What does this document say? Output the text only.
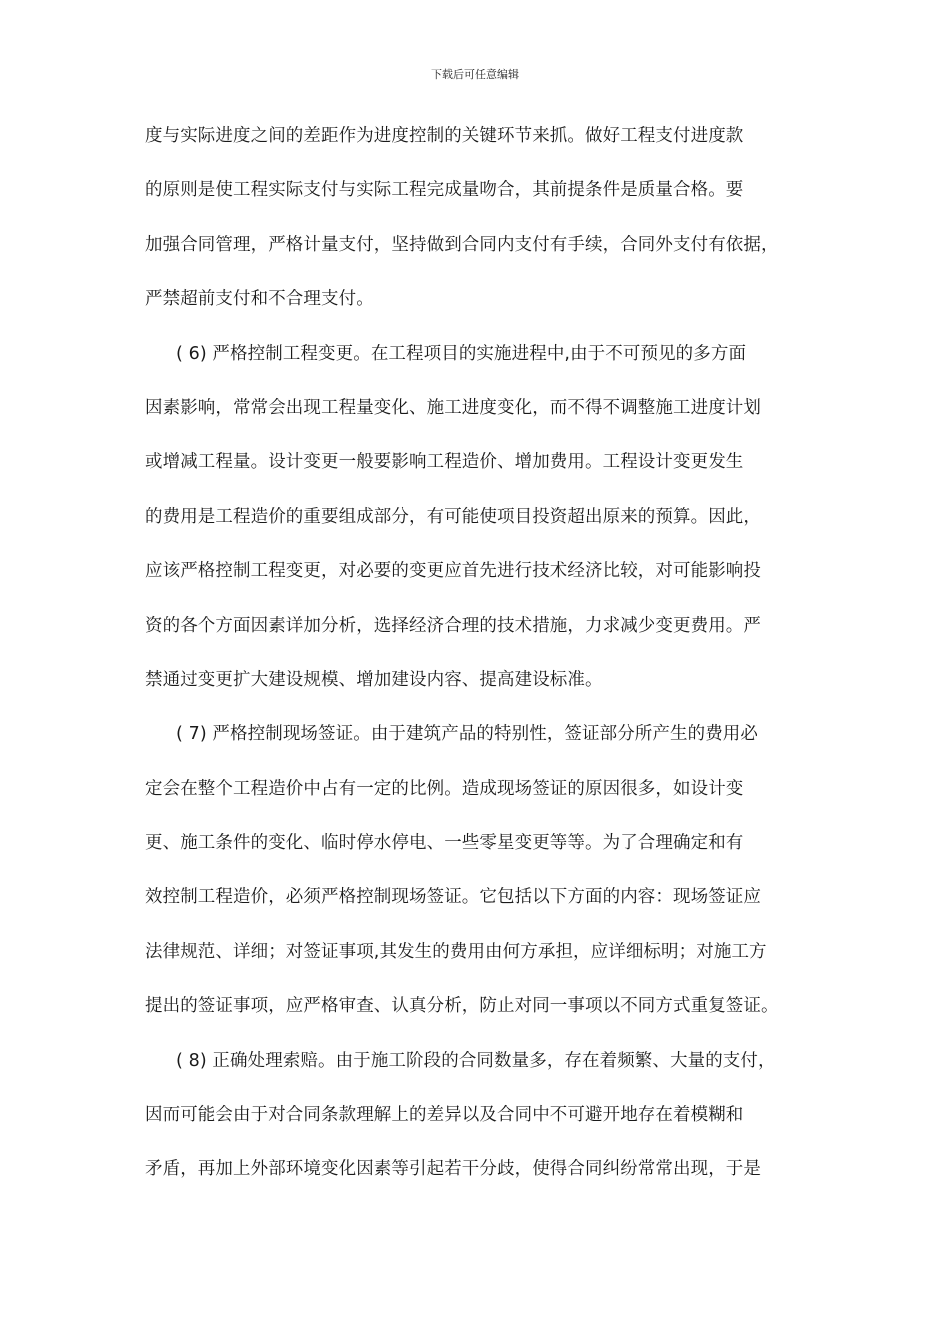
下载后可任意编辑
度与实际进度之间的差距作为进度控制的关键环节来抓。做好工程支付进度款
的原则是使工程实际支付与实际工程完成量吻合，其前提条件是质量合格。要
加强合同管理，严格计量支付，坚持做到合同内支付有手续，合同外支付有依据，
严禁超前支付和不合理支付。
( 6) 严格控制工程变更。在工程项目的实施进程中,由于不可预见的多方面
因素影响，常常会出现工程量变化、施工进度变化，而不得不调整施工进度计划
或增减工程量。设计变更一般要影响工程造价、增加费用。工程设计变更发生
的费用是工程造价的重要组成部分，有可能使项目投资超出原来的预算。因此，
应该严格控制工程变更，对必要的变更应首先进行技术经济比较，对可能影响投
资的各个方面因素详加分析，选择经济合理的技术措施，力求减少变更费用。严
禁通过变更扩大建设规模、增加建设内容、提高建设标准。
( 7) 严格控制现场签证。由于建筑产品的特别性，签证部分所产生的费用必
定会在整个工程造价中占有一定的比例。造成现场签证的原因很多，如设计变
更、施工条件的变化、临时停水停电、一些零星变更等等。为了合理确定和有
效控制工程造价，必须严格控制现场签证。它包括以下方面的内容：现场签证应
法律规范、详细；对签证事项,其发生的费用由何方承担，应详细标明；对施工方
提出的签证事项，应严格审查、认真分析，防止对同一事项以不同方式重复签证。
( 8) 正确处理索赔。由于施工阶段的合同数量多，存在着频繁、大量的支付，
因而可能会由于对合同条款理解上的差异以及合同中不可避开地存在着模糊和
矛盾，再加上外部环境变化因素等引起若干分歧，使得合同纠纷常常出现，于是
